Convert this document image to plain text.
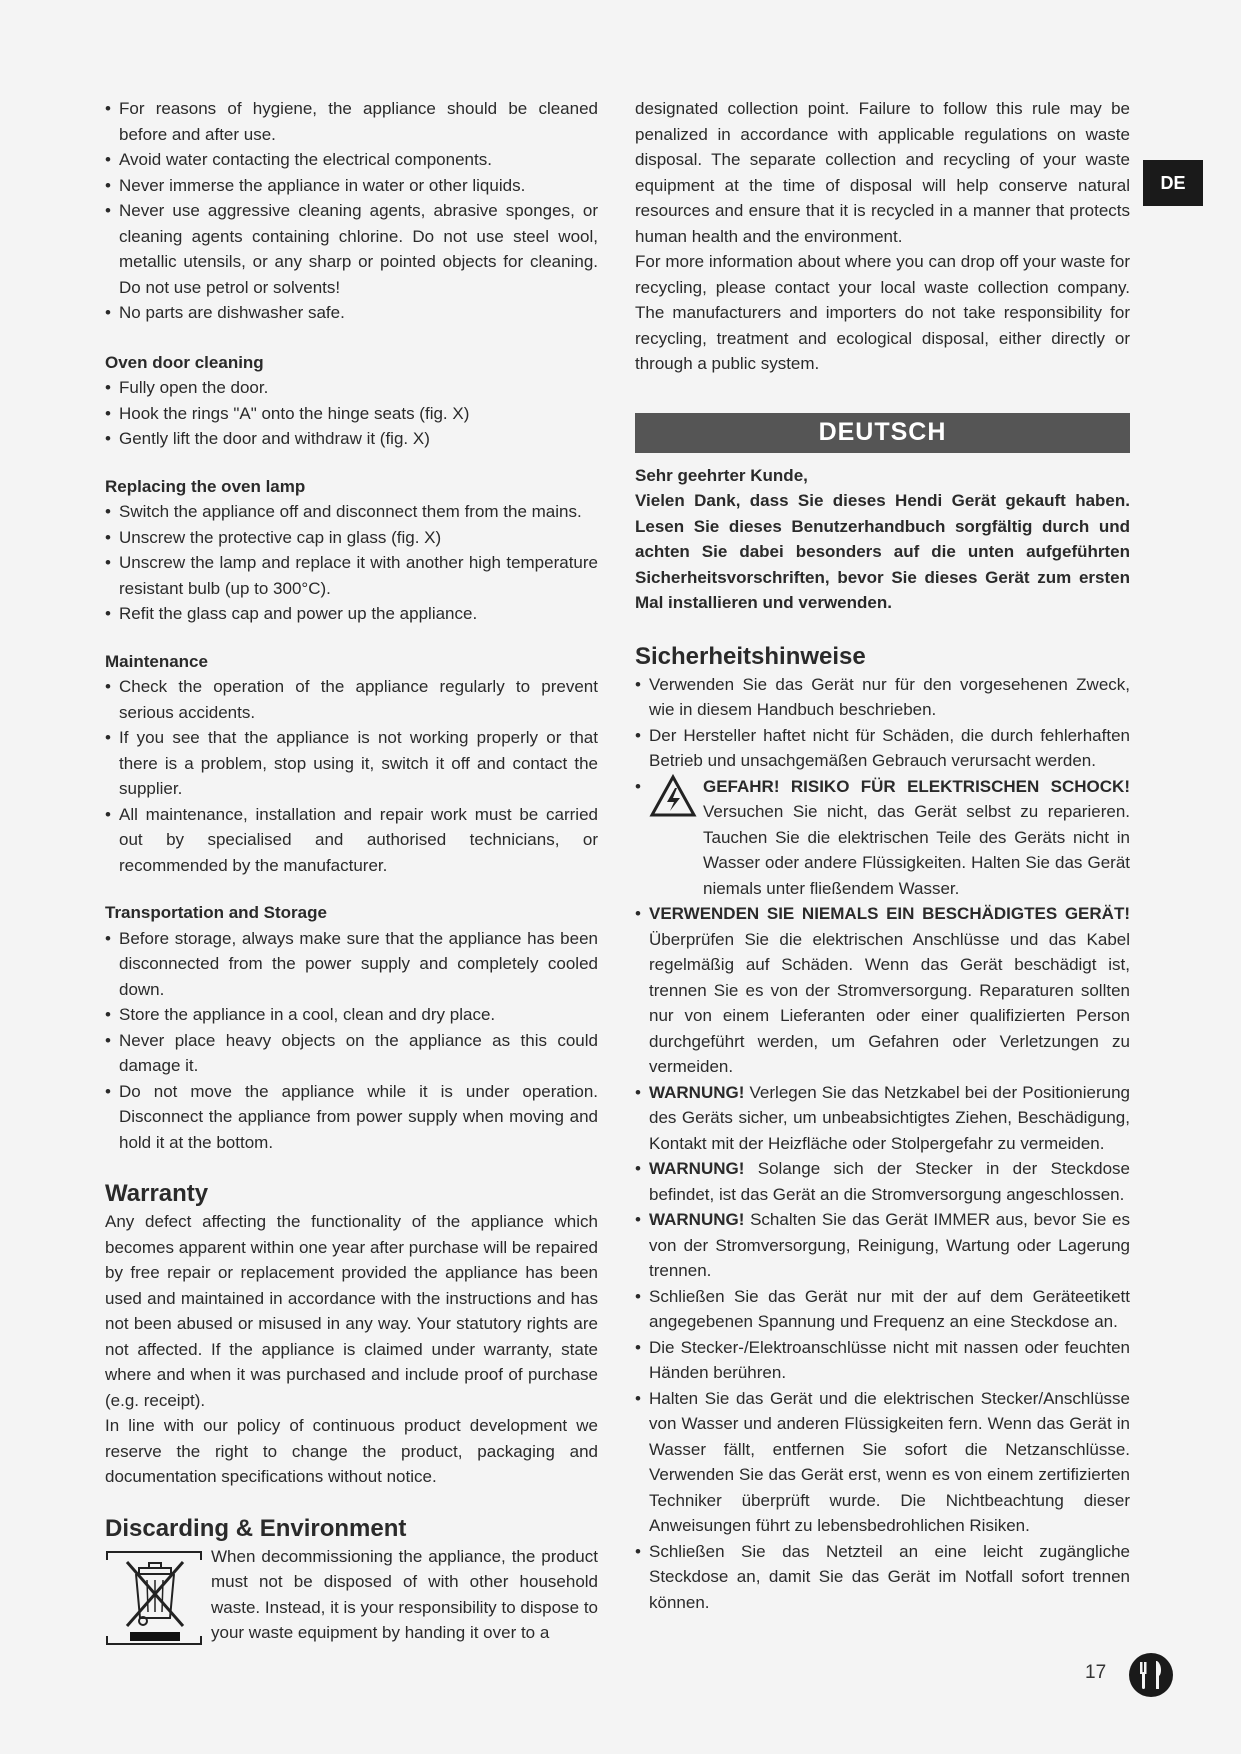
• For reasons of hygiene, the appliance should be cleaned before and after use.
• Avoid water contacting the electrical components.
• Never immerse the appliance in water or other liquids.
• Never use aggressive cleaning agents, abrasive sponges, or cleaning agents containing chlorine. Do not use steel wool, metallic utensils, or any sharp or pointed objects for cleaning. Do not use petrol or solvents!
• No parts are dishwasher safe.
Oven door cleaning
• Fully open the door.
• Hook the rings "A" onto the hinge seats (fig. X)
• Gently lift the door and withdraw it (fig. X)
Replacing the oven lamp
• Switch the appliance off and disconnect them from the mains.
• Unscrew the protective cap in glass (fig. X)
• Unscrew the lamp and replace it with another high temperature resistant bulb (up to 300°C).
• Refit the glass cap and power up the appliance.
Maintenance
• Check the operation of the appliance regularly to prevent serious accidents.
• If you see that the appliance is not working properly or that there is a problem, stop using it, switch it off and contact the supplier.
• All maintenance, installation and repair work must be carried out by specialised and authorised technicians, or recommended by the manufacturer.
Transportation and Storage
• Before storage, always make sure that the appliance has been disconnected from the power supply and completely cooled down.
• Store the appliance in a cool, clean and dry place.
• Never place heavy objects on the appliance as this could damage it.
• Do not move the appliance while it is under operation. Disconnect the appliance from power supply when moving and hold it at the bottom.
Warranty

Any defect affecting the functionality of the appliance which becomes apparent within one year after purchase will be repaired by free repair or replacement provided the appliance has been used and maintained in accordance with the instructions and has not been abused or misused in any way. Your statutory rights are not affected. If the appliance is claimed under warranty, state where and when it was purchased and include proof of purchase (e.g. receipt).

In line with our policy of continuous product development we reserve the right to change the product, packaging and documentation specifications without notice.

Discarding & Environment

When decommissioning the appliance, the product must not be disposed of with other household waste. Instead, it is your responsibility to dispose to your waste equipment by handing it over to a

designated collection point. Failure to follow this rule may be penalized in accordance with applicable regulations on waste disposal. The separate collection and recycling of your waste equipment at the time of disposal will help conserve natural resources and ensure that it is recycled in a manner that protects human health and the environment.

For more information about where you can drop off your waste for recycling, please contact your local waste collection company. The manufacturers and importers do not take responsibility for recycling, treatment and ecological disposal, either directly or through a public system.

DEUTSCH
Sehr geehrter Kunde,
Vielen Dank, dass Sie dieses Hendi Gerät gekauft haben. Lesen Sie dieses Benutzerhandbuch sorgfältig durch und achten Sie dabei besonders auf die unten aufgeführten Sicherheitsvorschriften, bevor Sie dieses Gerät zum ersten Mal installieren und verwenden.
Sicherheitshinweise
• Verwenden Sie das Gerät nur für den vorgesehenen Zweck, wie in diesem Handbuch beschrieben.
• Der Hersteller haftet nicht für Schäden, die durch fehlerhaften Betrieb und unsachgemäßen Gebrauch verursacht werden.
• GEFAHR! RISIKO FÜR ELEKTRISCHEN SCHOCK! Versuchen Sie nicht, das Gerät selbst zu reparieren. Tauchen Sie die elektrischen Teile des Geräts nicht in Wasser oder andere Flüssigkeiten. Halten Sie das Gerät niemals unter fließendem Wasser.
• VERWENDEN SIE NIEMALS EIN BESCHÄDIGTES GERÄT! Überprüfen Sie die elektrischen Anschlüsse und das Kabel regelmäßig auf Schäden. Wenn das Gerät beschädigt ist, trennen Sie es von der Stromversorgung. Reparaturen sollten nur von einem Lieferanten oder einer qualifizierten Person durchgeführt werden, um Gefahren oder Verletzungen zu vermeiden.
• WARNUNG! Verlegen Sie das Netzkabel bei der Positionierung des Geräts sicher, um unbeabsichtigtes Ziehen, Beschädigung, Kontakt mit der Heizfläche oder Stolpergefahr zu vermeiden.
• WARNUNG! Solange sich der Stecker in der Steckdose befindet, ist das Gerät an die Stromversorgung angeschlossen.
• WARNUNG! Schalten Sie das Gerät IMMER aus, bevor Sie es von der Stromversorgung, Reinigung, Wartung oder Lagerung trennen.
• Schließen Sie das Gerät nur mit der auf dem Geräteetikett angegebenen Spannung und Frequenz an eine Steckdose an.
• Die Stecker-/Elektroanschlüsse nicht mit nassen oder feuchten Händen berühren.
• Halten Sie das Gerät und die elektrischen Stecker/Anschlüsse von Wasser und anderen Flüssigkeiten fern. Wenn das Gerät in Wasser fällt, entfernen Sie sofort die Netzanschlüsse. Verwenden Sie das Gerät erst, wenn es von einem zertifizierten Techniker überprüft wurde. Die Nichtbeachtung dieser Anweisungen führt zu lebensbedrohlichen Risiken.
• Schließen Sie das Netzteil an eine leicht zugängliche Steckdose an, damit Sie das Gerät im Notfall sofort trennen können.
DE
17
